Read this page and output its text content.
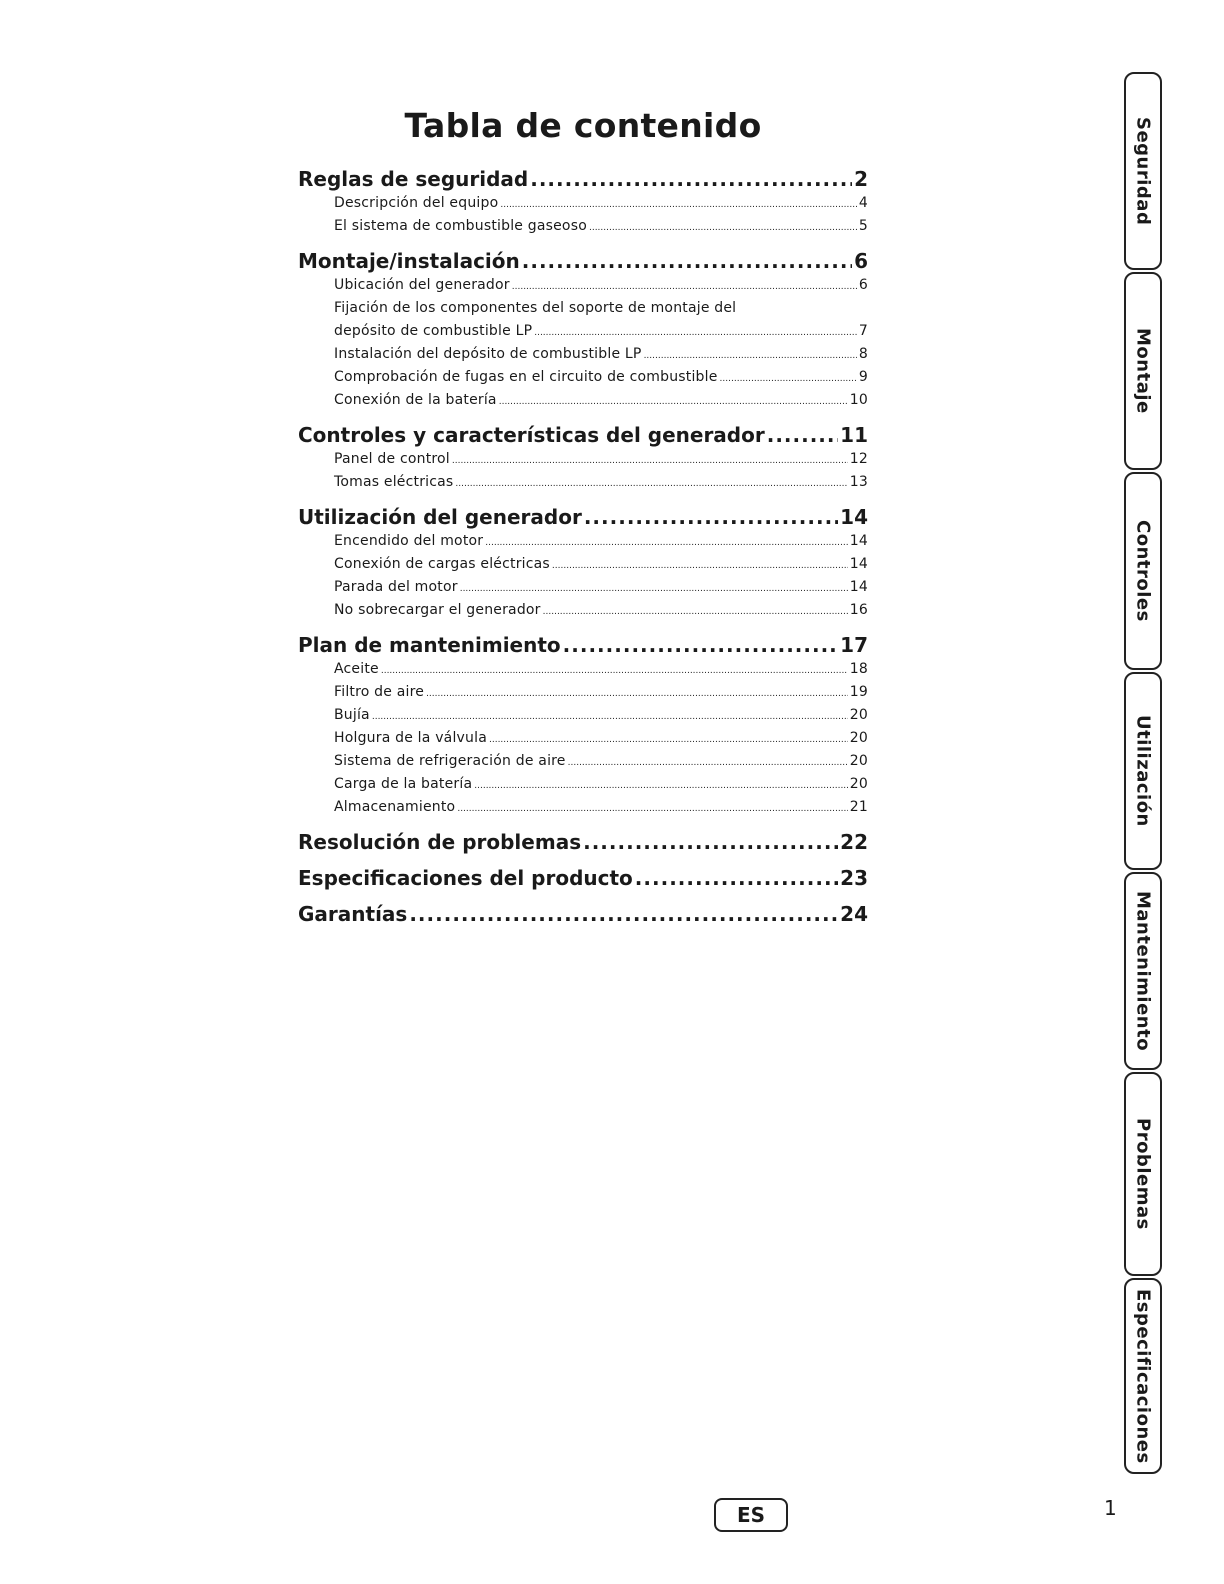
Tabla de contenido
Reglas de seguridad .....	2
Descripción del equipo .....	4
El sistema de combustible gaseoso .....	5
Montaje/instalación .....	6
Ubicación del generador .....	6
Fijación de los componentes del soporte de montaje del
depósito de combustible LP .....	7
Instalación del depósito de combustible LP .....	8
Comprobación de fugas en el circuito de combustible .....	9
Conexión de la batería .....	10
Controles y características del generador .....	11
Panel de control .....	12
Tomas eléctricas .....	13
Utilización del generador .....	14
Encendido del motor .....	14
Conexión de cargas eléctricas .....	14
Parada del motor .....	14
No sobrecargar el generador .....	16
Plan de mantenimiento .....	17
Aceite .....	18
Filtro de aire .....	19
Bujía .....	20
Holgura de la válvula .....	20
Sistema de refrigeración de aire .....	20
Carga de la batería .....	20
Almacenamiento .....	21
Resolución de problemas .....	22
Especificaciones del producto .....	23
Garantías .....	24
Seguridad
Montaje
Controles
Utilización
Mantenimiento
Problemas
Especificaciones
ES	1
